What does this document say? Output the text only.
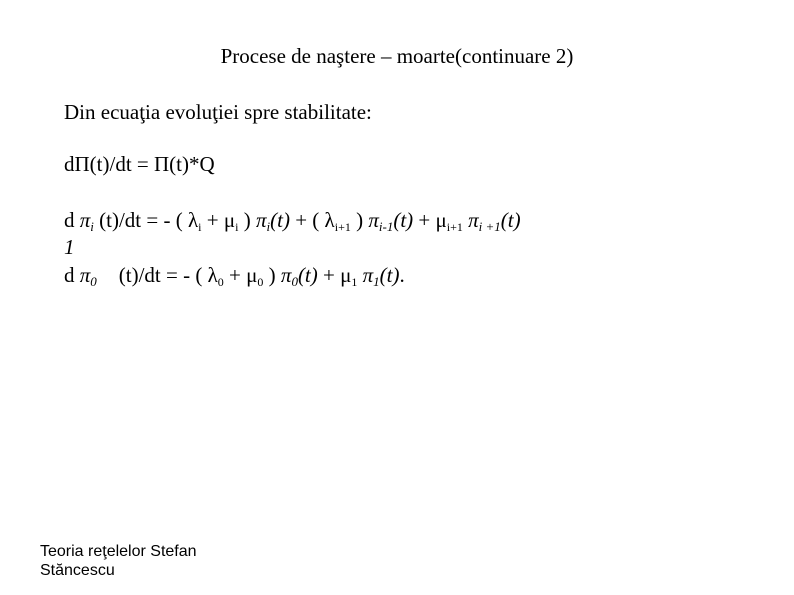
Procese de naştere – moarte(continuare 2)
Din ecuaţia evoluţiei spre stabilitate:
dΠ(t)/dt = Π(t)*Q
d πi (t)/dt = - ( $\lambda_i + \mu_i$ ) πi(t) + ( $\lambda_{i+1}$ ) $\pi i-1(t) + \mu_{i+1}$ πi +1(t)
1
d π0 (t)/dt = - ( $\lambda_0 + \mu_0$ ) $\pi 0(t) + \mu_1$ π1(t).
Teoria reţelelor Stefan
Stăncescu
